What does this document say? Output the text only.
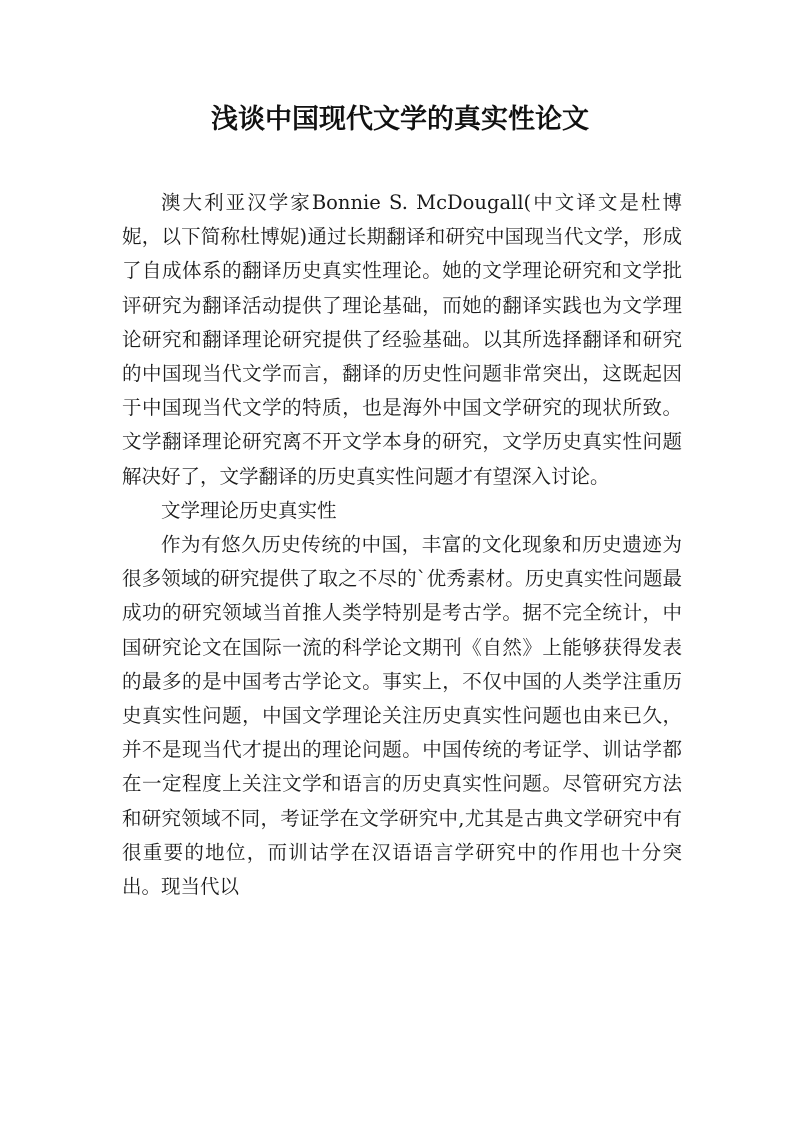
浅谈中国现代文学的真实性论文

澳大利亚汉学家Bonnie S. McDougall(中文译文是杜博妮，以下简称杜博妮)通过长期翻译和研究中国现当代文学，形成了自成体系的翻译历史真实性理论。她的文学理论研究和文学批评研究为翻译活动提供了理论基础，而她的翻译实践也为文学理论研究和翻译理论研究提供了经验基础。以其所选择翻译和研究的中国现当代文学而言，翻译的历史性问题非常突出，这既起因于中国现当代文学的特质，也是海外中国文学研究的现状所致。文学翻译理论研究离不开文学本身的研究，文学历史真实性问题解决好了，文学翻译的历史真实性问题才有望深入讨论。

文学理论历史真实性

作为有悠久历史传统的中国，丰富的文化现象和历史遗迹为很多领域的研究提供了取之不尽的`优秀素材。历史真实性问题最成功的研究领域当首推人类学特别是考古学。据不完全统计，中国研究论文在国际一流的科学论文期刊《自然》上能够获得发表的最多的是中国考古学论文。事实上，不仅中国的人类学注重历史真实性问题，中国文学理论关注历史真实性问题也由来已久，并不是现当代才提出的理论问题。中国传统的考证学、训诂学都在一定程度上关注文学和语言的历史真实性问题。尽管研究方法和研究领域不同，考证学在文学研究中,尤其是古典文学研究中有很重要的地位，而训诂学在汉语语言学研究中的作用也十分突出。现当代以
